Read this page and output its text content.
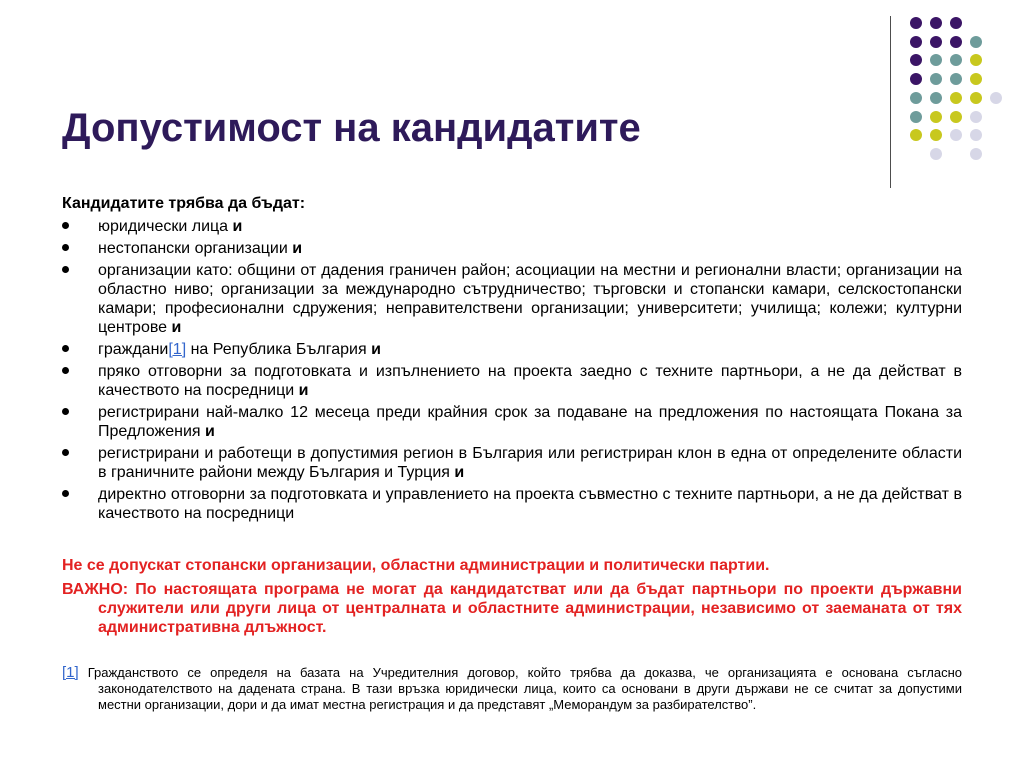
Допустимост на кандидатите

Кандидатите трябва да бъдат:

юридически лица и
нестопански организации и
организации като: общини от дадения граничен район; асоциации на местни и регионални власти; организации на областно ниво; организации за международно сътрудничество; търговски и стопански камари, селскостопански камари; професионални сдружения; неправителствени организации; университети; училища; колежи; културни центрове и
граждани[1] на Република България и
пряко отговорни за подготовката и изпълнението на проекта заедно с техните партньори, а не да действат в качеството на посредници и
регистрирани най-малко 12 месеца преди крайния срок за подаване на предложения по настоящата Покана за Предложения и
регистрирани и работещи в допустимия регион в България или регистриран клон в една от определените области в граничните райони между България и Турция и
директно отговорни за подготовката и управлението на проекта съвместно с техните партньори, а не да действат в качеството на посредници

Не се допускат стопански организации, областни администрации и политически партии.

ВАЖНО: По настоящата програма не могат да кандидатстват или да бъдат партньори по проекти държавни служители или други лица от централната и областните администрации, независимо от заеманата от тях административна длъжност.

[1] Гражданството се определя на базата на Учредителния договор, който трябва да доказва, че организацията е основана съгласно законодателството на дадената страна. В тази връзка юридически лица, които са основани в други държави не се считат за допустими местни организации, дори и да имат местна регистрация и да представят „Меморандум за разбирателство”.
